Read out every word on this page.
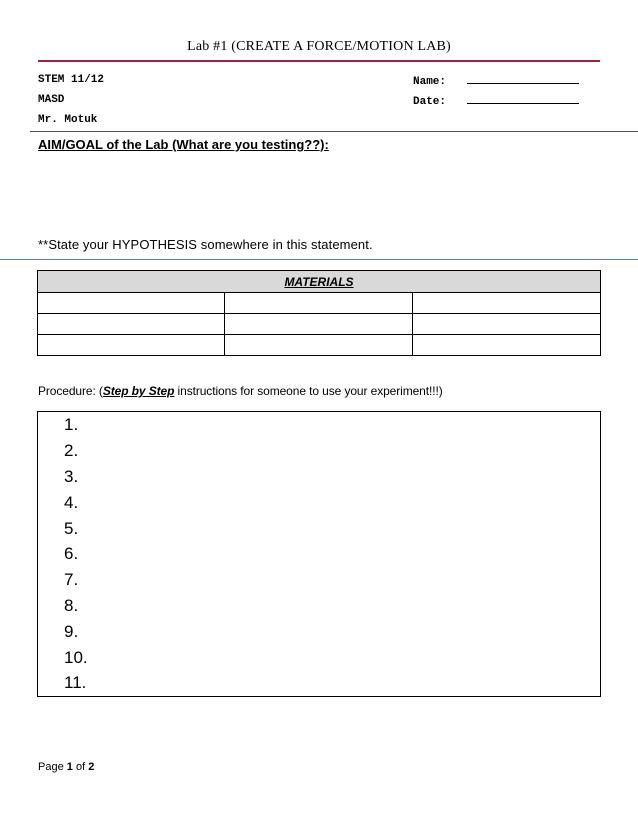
Lab #1 (CREATE A FORCE/MOTION LAB)
STEM 11/12
MASD
Mr. Motuk
Name:
Date:
AIM/GOAL of the Lab (What are you testing??):
**State your HYPOTHESIS somewhere in this statement.
MATERIALS		

Procedure: (Step by Step instructions for someone to use your experiment!!!)
1.
2.
3.
4.
5.
6.
7.
8.
9.
10.
11.
Page 1 of 2
